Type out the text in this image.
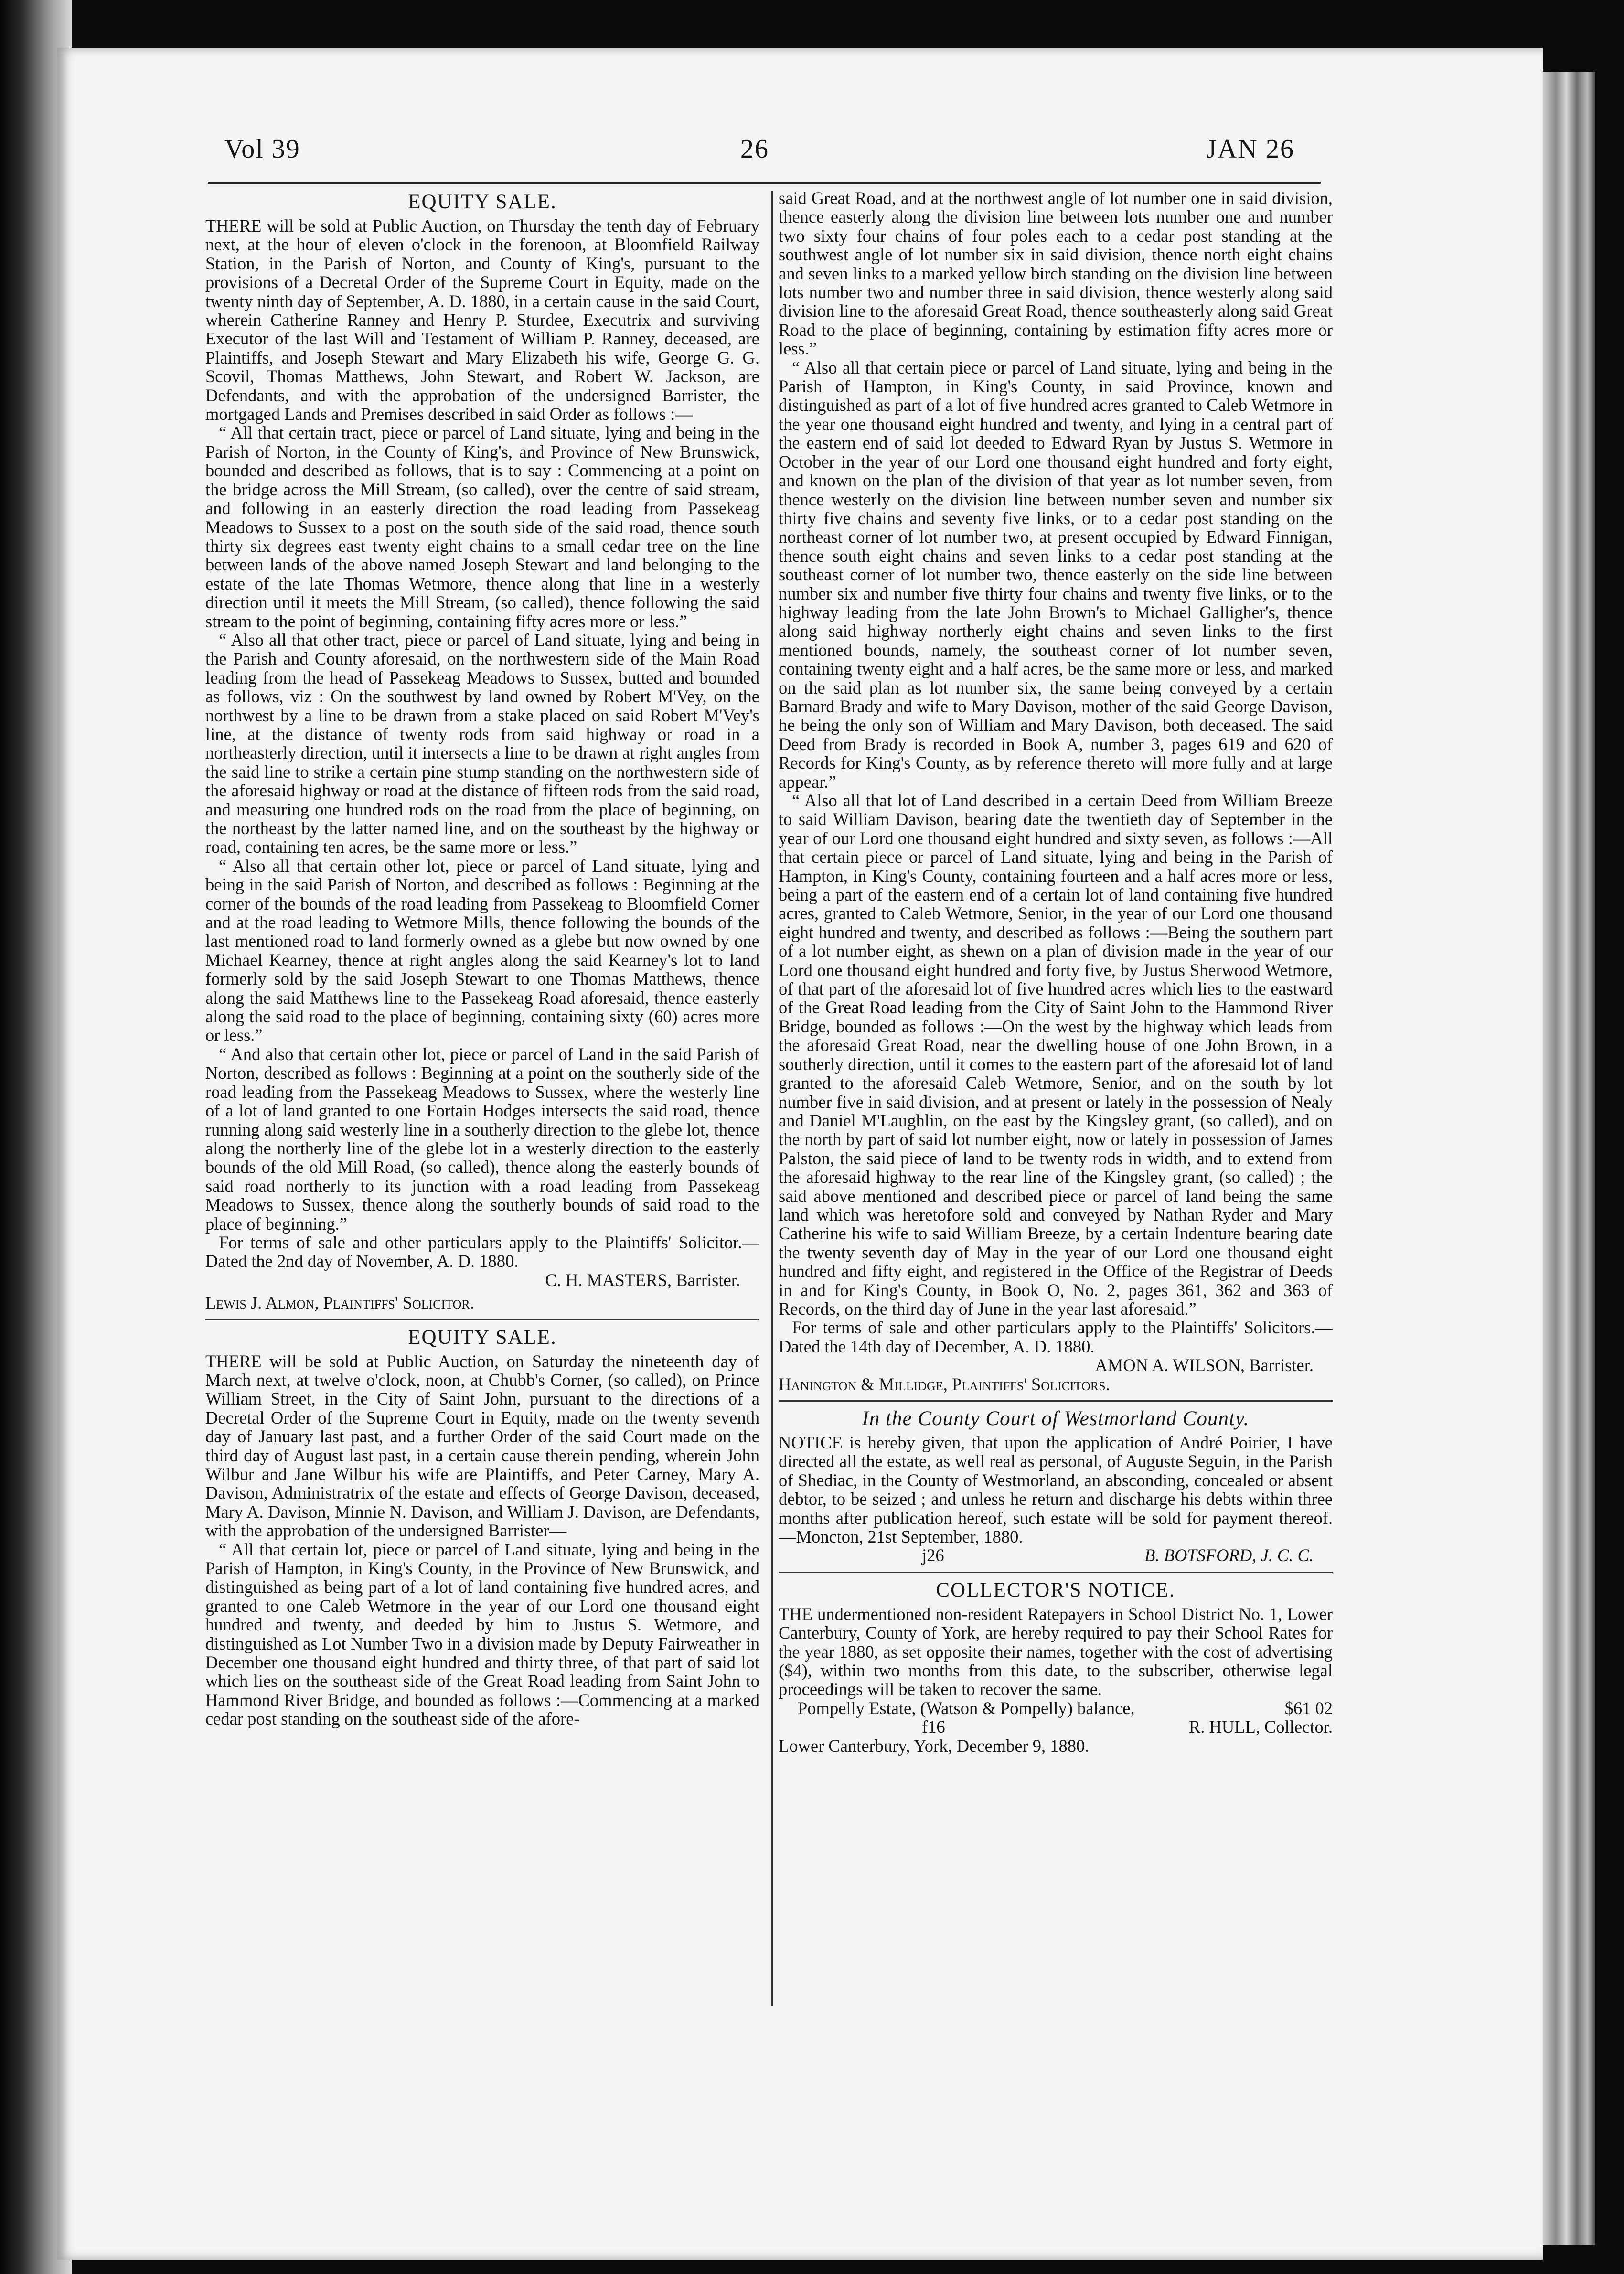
Vol 39	26	JAN 26
EQUITY SALE.

THERE will be sold at Public Auction, on Thursday the tenth day of February next, at the hour of eleven o'clock in the forenoon, at Bloomfield Railway Station, in the Parish of Norton, and County of King's, pursuant to the provisions of a Decretal Order of the Supreme Court in Equity, made on the twenty ninth day of September, A. D. 1880, in a certain cause in the said Court, wherein Catherine Ranney and Henry P. Sturdee, Executrix and surviving Executor of the last Will and Testament of William P. Ranney, deceased, are Plaintiffs, and Joseph Stewart and Mary Elizabeth his wife, George G. G. Scovil, Thomas Matthews, John Stewart, and Robert W. Jackson, are Defendants, and with the approbation of the undersigned Barrister, the mortgaged Lands and Premises described in said Order as follows :—

“ All that certain tract, piece or parcel of Land situate, lying and being in the Parish of Norton, in the County of King's, and Province of New Brunswick, bounded and described as follows, that is to say : Commencing at a point on the bridge across the Mill Stream, (so called), over the centre of said stream, and following in an easterly direction the road leading from Passekeag Meadows to Sussex to a post on the south side of the said road, thence south thirty six degrees east twenty eight chains to a small cedar tree on the line between lands of the above named Joseph Stewart and land belonging to the estate of the late Thomas Wetmore, thence along that line in a westerly direction until it meets the Mill Stream, (so called), thence following the said stream to the point of beginning, containing fifty acres more or less.”

“ Also all that other tract, piece or parcel of Land situate, lying and being in the Parish and County aforesaid, on the northwestern side of the Main Road leading from the head of Passekeag Meadows to Sussex, butted and bounded as follows, viz : On the southwest by land owned by Robert M'Vey, on the northwest by a line to be drawn from a stake placed on said Robert M'Vey's line, at the distance of twenty rods from said highway or road in a northeasterly direction, until it intersects a line to be drawn at right angles from the said line to strike a certain pine stump standing on the northwestern side of the aforesaid highway or road at the distance of fifteen rods from the said road, and measuring one hundred rods on the road from the place of beginning, on the northeast by the latter named line, and on the southeast by the highway or road, containing ten acres, be the same more or less.”

“ Also all that certain other lot, piece or parcel of Land situate, lying and being in the said Parish of Norton, and described as follows : Beginning at the corner of the bounds of the road leading from Passekeag to Bloomfield Corner and at the road leading to Wetmore Mills, thence following the bounds of the last mentioned road to land formerly owned as a glebe but now owned by one Michael Kearney, thence at right angles along the said Kearney's lot to land formerly sold by the said Joseph Stewart to one Thomas Matthews, thence along the said Matthews line to the Passekeag Road aforesaid, thence easterly along the said road to the place of beginning, containing sixty (60) acres more or less.”

“ And also that certain other lot, piece or parcel of Land in the said Parish of Norton, described as follows : Beginning at a point on the southerly side of the road leading from the Passekeag Meadows to Sussex, where the westerly line of a lot of land granted to one Fortain Hodges intersects the said road, thence running along said westerly line in a southerly direction to the glebe lot, thence along the northerly line of the glebe lot in a westerly direction to the easterly bounds of the old Mill Road, (so called), thence along the easterly bounds of said road northerly to its junction with a road leading from Passekeag Meadows to Sussex, thence along the southerly bounds of said road to the place of beginning.”

For terms of sale and other particulars apply to the Plaintiffs' Solicitor.—Dated the 2nd day of November, A. D. 1880.

C. H. MASTERS, Barrister.
Lewis J. Almon, Plaintiffs' Solicitor.
EQUITY SALE.

THERE will be sold at Public Auction, on Saturday the nineteenth day of March next, at twelve o'clock, noon, at Chubb's Corner, (so called), on Prince William Street, in the City of Saint John, pursuant to the directions of a Decretal Order of the Supreme Court in Equity, made on the twenty seventh day of January last past, and a further Order of the said Court made on the third day of August last past, in a certain cause therein pending, wherein John Wilbur and Jane Wilbur his wife are Plaintiffs, and Peter Carney, Mary A. Davison, Administratrix of the estate and effects of George Davison, deceased, Mary A. Davison, Minnie N. Davison, and William J. Davison, are Defendants, with the approbation of the undersigned Barrister—

“ All that certain lot, piece or parcel of Land situate, lying and being in the Parish of Hampton, in King's County, in the Province of New Brunswick, and distinguished as being part of a lot of land containing five hundred acres, and granted to one Caleb Wetmore in the year of our Lord one thousand eight hundred and twenty, and deeded by him to Justus S. Wetmore, and distinguished as Lot Number Two in a division made by Deputy Fairweather in December one thousand eight hundred and thirty three, of that part of said lot which lies on the southeast side of the Great Road leading from Saint John to Hammond River Bridge, and bounded as follows :—Commencing at a marked cedar post standing on the southeast side of the afore-

said Great Road, and at the northwest angle of lot number one in said division, thence easterly along the division line between lots number one and number two sixty four chains of four poles each to a cedar post standing at the southwest angle of lot number six in said division, thence north eight chains and seven links to a marked yellow birch standing on the division line between lots number two and number three in said division, thence westerly along said division line to the aforesaid Great Road, thence southeasterly along said Great Road to the place of beginning, containing by estimation fifty acres more or less.”

“ Also all that certain piece or parcel of Land situate, lying and being in the Parish of Hampton, in King's County, in said Province, known and distinguished as part of a lot of five hundred acres granted to Caleb Wetmore in the year one thousand eight hundred and twenty, and lying in a central part of the eastern end of said lot deeded to Edward Ryan by Justus S. Wetmore in October in the year of our Lord one thousand eight hundred and forty eight, and known on the plan of the division of that year as lot number seven, from thence westerly on the division line between number seven and number six thirty five chains and seventy five links, or to a cedar post standing on the northeast corner of lot number two, at present occupied by Edward Finnigan, thence south eight chains and seven links to a cedar post standing at the southeast corner of lot number two, thence easterly on the side line between number six and number five thirty four chains and twenty five links, or to the highway leading from the late John Brown's to Michael Galligher's, thence along said highway northerly eight chains and seven links to the first mentioned bounds, namely, the southeast corner of lot number seven, containing twenty eight and a half acres, be the same more or less, and marked on the said plan as lot number six, the same being conveyed by a certain Barnard Brady and wife to Mary Davison, mother of the said George Davison, he being the only son of William and Mary Davison, both deceased. The said Deed from Brady is recorded in Book A, number 3, pages 619 and 620 of Records for King's County, as by reference thereto will more fully and at large appear.”

“ Also all that lot of Land described in a certain Deed from William Breeze to said William Davison, bearing date the twentieth day of September in the year of our Lord one thousand eight hundred and sixty seven, as follows :—All that certain piece or parcel of Land situate, lying and being in the Parish of Hampton, in King's County, containing fourteen and a half acres more or less, being a part of the eastern end of a certain lot of land containing five hundred acres, granted to Caleb Wetmore, Senior, in the year of our Lord one thousand eight hundred and twenty, and described as follows :—Being the southern part of a lot number eight, as shewn on a plan of division made in the year of our Lord one thousand eight hundred and forty five, by Justus Sherwood Wetmore, of that part of the aforesaid lot of five hundred acres which lies to the eastward of the Great Road leading from the City of Saint John to the Hammond River Bridge, bounded as follows :—On the west by the highway which leads from the aforesaid Great Road, near the dwelling house of one John Brown, in a southerly direction, until it comes to the eastern part of the aforesaid lot of land granted to the aforesaid Caleb Wetmore, Senior, and on the south by lot number five in said division, and at present or lately in the possession of Nealy and Daniel M'Laughlin, on the east by the Kingsley grant, (so called), and on the north by part of said lot number eight, now or lately in possession of James Palston, the said piece of land to be twenty rods in width, and to extend from the aforesaid highway to the rear line of the Kingsley grant, (so called) ; the said above mentioned and described piece or parcel of land being the same land which was heretofore sold and conveyed by Nathan Ryder and Mary Catherine his wife to said William Breeze, by a certain Indenture bearing date the twenty seventh day of May in the year of our Lord one thousand eight hundred and fifty eight, and registered in the Office of the Registrar of Deeds in and for King's County, in Book O, No. 2, pages 361, 362 and 363 of Records, on the third day of June in the year last aforesaid.”

For terms of sale and other particulars apply to the Plaintiffs' Solicitors.—Dated the 14th day of December, A. D. 1880.

AMON A. WILSON, Barrister.
Hanington & Millidge, Plaintiffs' Solicitors.
In the County Court of Westmorland County.

NOTICE is hereby given, that upon the application of André Poirier, I have directed all the estate, as well real as personal, of Auguste Seguin, in the Parish of Shediac, in the County of Westmorland, an absconding, concealed or absent debtor, to be seized ; and unless he return and discharge his debts within three months after publication hereof, such estate will be sold for payment thereof.—Moncton, 21st September, 1880.

j26	B. BOTSFORD, J. C. C.
COLLECTOR'S NOTICE.

THE undermentioned non-resident Ratepayers in School District No. 1, Lower Canterbury, County of York, are hereby required to pay their School Rates for the year 1880, as set opposite their names, together with the cost of advertising ($4), within two months from this date, to the subscriber, otherwise legal proceedings will be taken to recover the same.

Pompelly Estate, (Watson & Pompelly) balance,	$61 02
f16	R. HULL, Collector.
Lower Canterbury, York, December 9, 1880.
